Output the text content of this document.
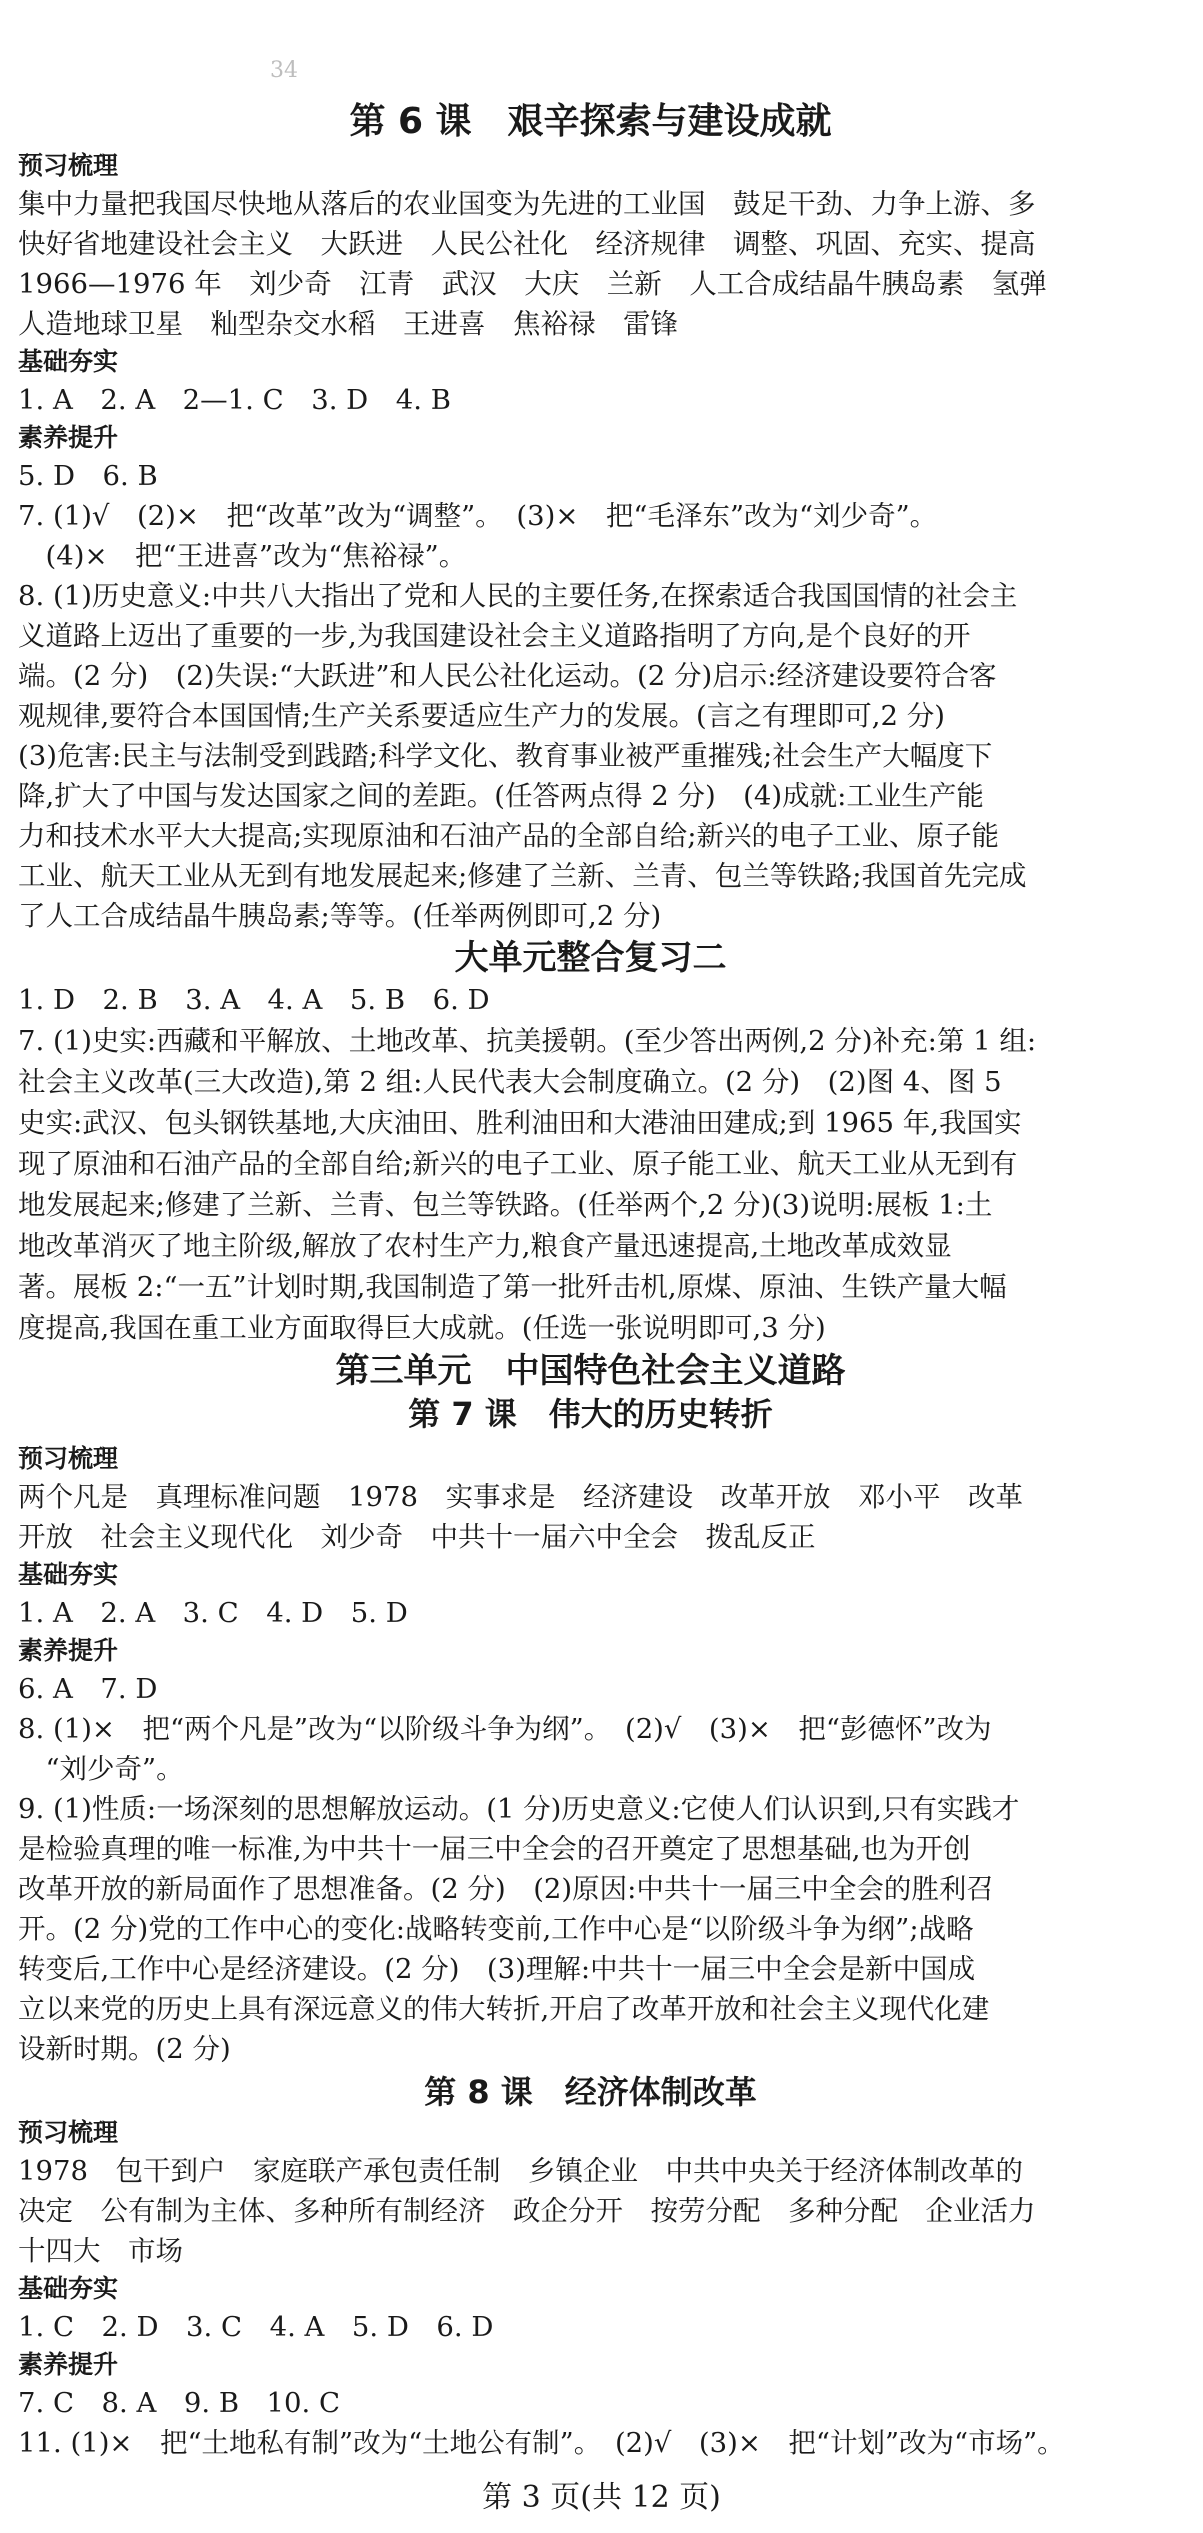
34
第 6 课　艰辛探索与建设成就
预习梳理
集中力量把我国尽快地从落后的农业国变为先进的工业国　鼓足干劲、力争上游、多
快好省地建设社会主义　大跃进　人民公社化　经济规律　调整、巩固、充实、提高
1966—1976 年　刘少奇　江青　武汉　大庆　兰新　人工合成结晶牛胰岛素　氢弹
人造地球卫星　籼型杂交水稻　王进喜　焦裕禄　雷锋
基础夯实
1. A　2. A　2—1. C　3. D　4. B
素养提升
5. D　6. B
7. (1)√　(2)×　把“改革”改为“调整”。　(3)×　把“毛泽东”改为“刘少奇”。
　(4)×　把“王进喜”改为“焦裕禄”。
8. (1)历史意义:中共八大指出了党和人民的主要任务,在探索适合我国国情的社会主
义道路上迈出了重要的一步,为我国建设社会主义道路指明了方向,是个良好的开
端。(2 分)　(2)失误:“大跃进”和人民公社化运动。(2 分)启示:经济建设要符合客
观规律,要符合本国国情;生产关系要适应生产力的发展。(言之有理即可,2 分)
(3)危害:民主与法制受到践踏;科学文化、教育事业被严重摧残;社会生产大幅度下
降,扩大了中国与发达国家之间的差距。(任答两点得 2 分)　(4)成就:工业生产能
力和技术水平大大提高;实现原油和石油产品的全部自给;新兴的电子工业、原子能
工业、航天工业从无到有地发展起来;修建了兰新、兰青、包兰等铁路;我国首先完成
了人工合成结晶牛胰岛素;等等。(任举两例即可,2 分)
大单元整合复习二
1. D　2. B　3. A　4. A　5. B　6. D
7. (1)史实:西藏和平解放、土地改革、抗美援朝。(至少答出两例,2 分)补充:第 1 组:
社会主义改革(三大改造),第 2 组:人民代表大会制度确立。(2 分)　(2)图 4、图 5
史实:武汉、包头钢铁基地,大庆油田、胜利油田和大港油田建成;到 1965 年,我国实
现了原油和石油产品的全部自给;新兴的电子工业、原子能工业、航天工业从无到有
地发展起来;修建了兰新、兰青、包兰等铁路。(任举两个,2 分)(3)说明:展板 1:土
地改革消灭了地主阶级,解放了农村生产力,粮食产量迅速提高,土地改革成效显
著。展板 2:“一五”计划时期,我国制造了第一批歼击机,原煤、原油、生铁产量大幅
度提高,我国在重工业方面取得巨大成就。(任选一张说明即可,3 分)
第三单元　中国特色社会主义道路
第 7 课　伟大的历史转折
预习梳理
两个凡是　真理标准问题　1978　实事求是　经济建设　改革开放　邓小平　改革
开放　社会主义现代化　刘少奇　中共十一届六中全会　拨乱反正
基础夯实
1. A　2. A　3. C　4. D　5. D
素养提升
6. A　7. D
8. (1)×　把“两个凡是”改为“以阶级斗争为纲”。　(2)√　(3)×　把“彭德怀”改为
　“刘少奇”。
9. (1)性质:一场深刻的思想解放运动。(1 分)历史意义:它使人们认识到,只有实践才
是检验真理的唯一标准,为中共十一届三中全会的召开奠定了思想基础,也为开创
改革开放的新局面作了思想准备。(2 分)　(2)原因:中共十一届三中全会的胜利召
开。(2 分)党的工作中心的变化:战略转变前,工作中心是“以阶级斗争为纲”;战略
转变后,工作中心是经济建设。(2 分)　(3)理解:中共十一届三中全会是新中国成
立以来党的历史上具有深远意义的伟大转折,开启了改革开放和社会主义现代化建
设新时期。(2 分)
第 8 课　经济体制改革
预习梳理
1978　包干到户　家庭联产承包责任制　乡镇企业　中共中央关于经济体制改革的
决定　公有制为主体、多种所有制经济　政企分开　按劳分配　多种分配　企业活力
十四大　市场
基础夯实
1. C　2. D　3. C　4. A　5. D　6. D
素养提升
7. C　8. A　9. B　10. C
11. (1)×　把“土地私有制”改为“土地公有制”。　(2)√　(3)×　把“计划”改为“市场”。
第 3 页(共 12 页)
